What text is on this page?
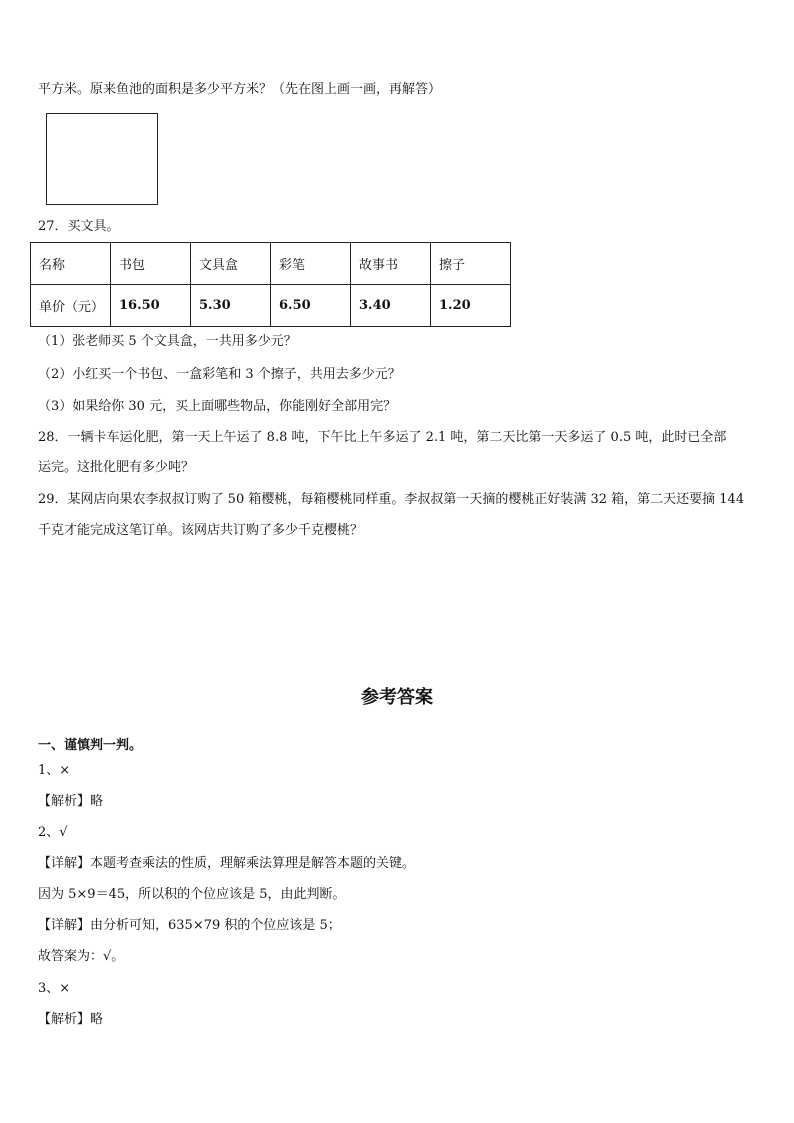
平方米。原来鱼池的面积是多少平方米？（先在图上画一画，再解答）
27．买文具。
名称	书包	文具盒	彩笔	故事书	擦子
单价（元）	16.50	5.30	6.50	3.40	1.20
（1）张老师买 5 个文具盒，一共用多少元？
（2）小红买一个书包、一盒彩笔和 3 个擦子，共用去多少元？
（3）如果给你 30 元，买上面哪些物品，你能刚好全部用完？
28．一辆卡车运化肥，第一天上午运了 8.8 吨，下午比上午多运了 2.1 吨，第二天比第一天多运了 0.5 吨，此时已全部
运完。这批化肥有多少吨？
29．某网店向果农李叔叔订购了 50 箱樱桃，每箱樱桃同样重。李叔叔第一天摘的樱桃正好装满 32 箱，第二天还要摘 144
千克才能完成这笔订单。该网店共订购了多少千克樱桃？
参考答案
一、谨慎判一判。
1、×
【解析】略
2、√
【详解】本题考查乘法的性质，理解乘法算理是解答本题的关键。
因为 5×9＝45，所以积的个位应该是 5，由此判断。
【详解】由分析可知，635×79 积的个位应该是 5；
故答案为：√。
3、×
【解析】略
